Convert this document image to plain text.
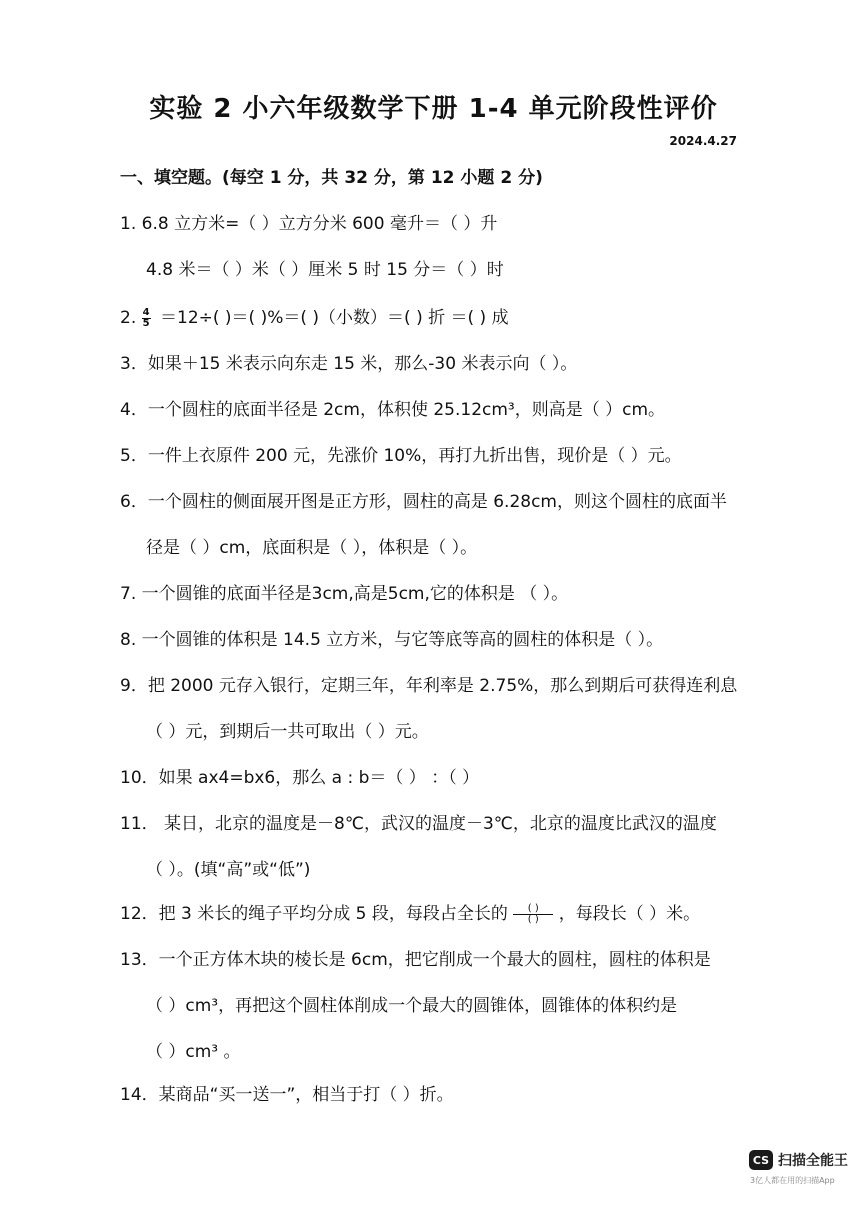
实验 2 小六年级数学下册 1-4 单元阶段性评价
2024.4.27
一、填空题。(每空 1 分，共 32 分，第 12 小题 2 分)
1. 6.8 立方米=（ ）立方分米 600 毫升＝（ ）升
4.8 米＝（ ）米（ ）厘米 5 时 15 分＝（ ）时
2. $\frac{4}{5} =12\div$( )＝( )%＝( )（小数）＝( ) 折 ＝( ) 成
3．如果＋15 米表示向东走 15 米，那么-30 米表示向（ ）。
4．一个圆柱的底面半径是 2cm，体积使 25.12cm³，则高是（ ）cm。
5．一件上衣原件 200 元，先涨价 10%，再打九折出售，现价是（ ）元。
6．一个圆柱的侧面展开图是正方形，圆柱的高是 6.28cm，则这个圆柱的底面半
径是（ ）cm，底面积是（ ），体积是（ ）。
7. 一个圆锥的底面半径是3cm,高是5cm,它的体积是 （ ）。
8. 一个圆锥的体积是 14.5 立方米，与它等底等高的圆柱的体积是（ ）。
9．把 2000 元存入银行，定期三年，年利率是 2.75%，那么到期后可获得连利息
（ ）元，到期后一共可取出（ ）元。
10．如果 ax4=bx6，那么 a : b＝（ ） ：（ ）
11． 某日，北京的温度是－8℃，武汉的温度－3℃，北京的温度比武汉的温度
（ ）。(填“高”或“低”)
12．把 3 米长的绳子平均分成 5 段，每段占全长的 $\frac{( )}{( )}$ ，每段长（ ）米。
13．一个正方体木块的棱长是 6cm，把它削成一个最大的圆柱，圆柱的体积是
（ ）cm³，再把这个圆柱体削成一个最大的圆锥体，圆锥体的体积约是
（ ）cm³ 。
14．某商品“买一送一”，相当于打（ ）折。
CS 扫描全能王
3亿人都在用的扫描App
